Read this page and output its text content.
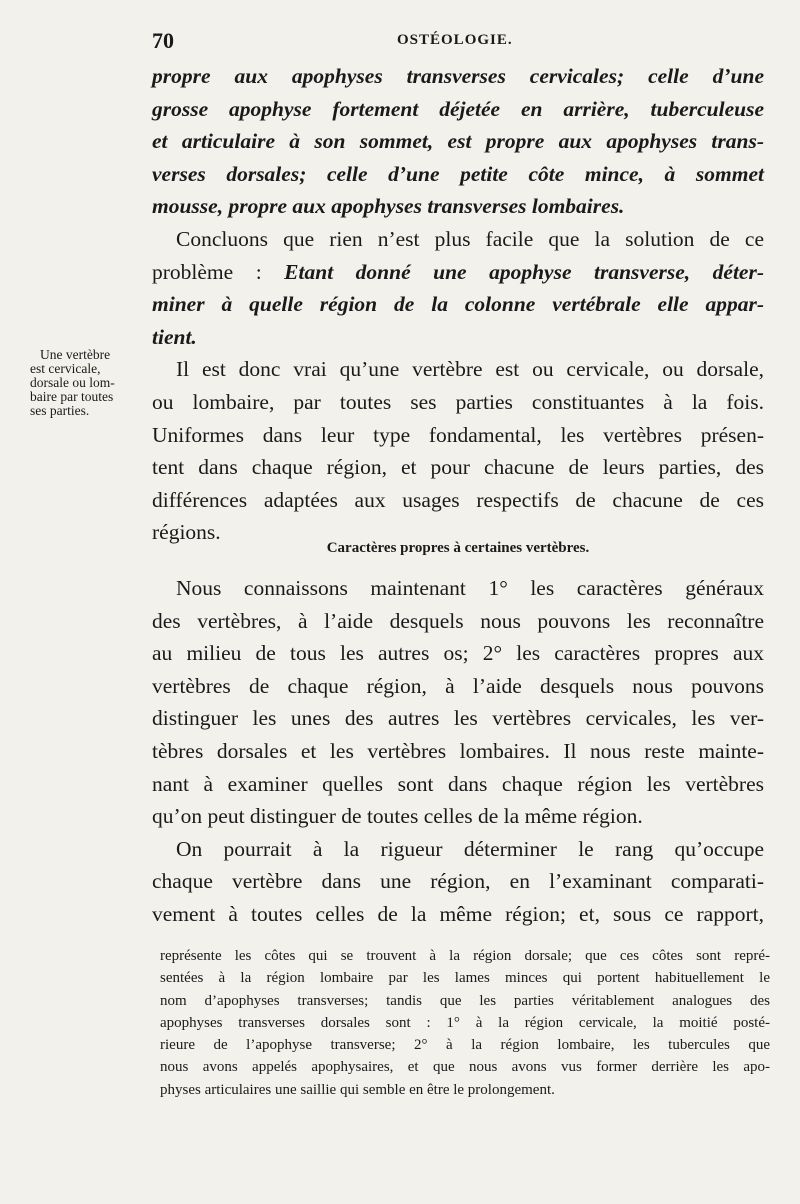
70	OSTÉOLOGIE.
Une vertèbre
est cervicale,
dorsale ou lom-
baire par toutes
ses parties.
propre aux apophyses transverses cervicales; celle d’une
grosse apophyse fortement déjetée en arrière, tuberculeuse
et articulaire à son sommet, est propre aux apophyses trans-
verses dorsales; celle d’une petite côte mince, à sommet
mousse, propre aux apophyses transverses lombaires.
Concluons que rien n’est plus facile que la solution de ce
problème : Etant donné une apophyse transverse, déter-
miner à quelle région de la colonne vertébrale elle appar-
tient.
Il est donc vrai qu’une vertèbre est ou cervicale, ou dorsale,
ou lombaire, par toutes ses parties constituantes à la fois.
Uniformes dans leur type fondamental, les vertèbres présen-
tent dans chaque région, et pour chacune de leurs parties, des
différences adaptées aux usages respectifs de chacune de ces
régions.
Caractères propres à certaines vertèbres.
Nous connaissons maintenant 1° les caractères généraux
des vertèbres, à l’aide desquels nous pouvons les reconnaître
au milieu de tous les autres os; 2° les caractères propres aux
vertèbres de chaque région, à l’aide desquels nous pouvons
distinguer les unes des autres les vertèbres cervicales, les ver-
tèbres dorsales et les vertèbres lombaires. Il nous reste mainte-
nant à examiner quelles sont dans chaque région les vertèbres
qu’on peut distinguer de toutes celles de la même région.
On pourrait à la rigueur déterminer le rang qu’occupe
chaque vertèbre dans une région, en l’examinant comparati-
vement à toutes celles de la même région; et, sous ce rapport,
représente les côtes qui se trouvent à la région dorsale; que ces côtes sont repré-
sentées à la région lombaire par les lames minces qui portent habituellement le
nom d’apophyses transverses; tandis que les parties véritablement analogues des
apophyses transverses dorsales sont : 1° à la région cervicale, la moitié posté-
rieure de l’apophyse transverse; 2° à la région lombaire, les tubercules que
nous avons appelés apophysaires, et que nous avons vus former derrière les apo-
physes articulaires une saillie qui semble en être le prolongement.
